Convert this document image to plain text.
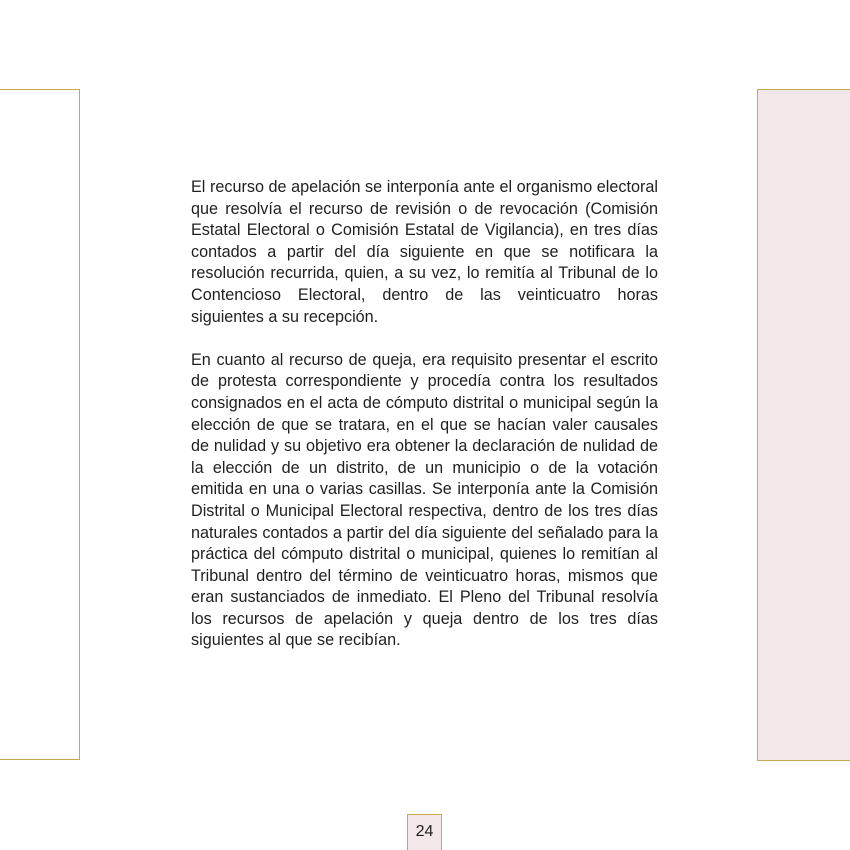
El recurso de apelación se interponía ante el organismo electoral que resolvía el recurso de revisión o de revocación (Comisión Estatal Electoral o Comisión Estatal de Vigilancia), en tres días contados a partir del día siguiente en que se notificara la resolución recurrida, quien, a su vez, lo remitía al Tribunal de lo Contencioso Electoral, dentro de las veinticuatro horas siguientes a su recepción.

En cuanto al recurso de queja, era requisito presentar el escrito de protesta correspondiente y procedía contra los resultados consignados en el acta de cómputo distrital o municipal según la elección de que se tratara, en el que se hacían valer causales de nulidad y su objetivo era obtener la declaración de nulidad de la elección de un distrito, de un municipio o de la votación emitida en una o varias casillas. Se interponía ante la Comisión Distrital o Municipal Electoral respectiva, dentro de los tres días naturales contados a partir del día siguiente del señalado para la práctica del cómputo distrital o municipal, quienes lo remitían al Tribunal dentro del término de veinticuatro horas, mismos que eran sustanciados de inmediato. El Pleno del Tribunal resolvía los recursos de apelación y queja dentro de los tres días siguientes al que se recibían.

24
